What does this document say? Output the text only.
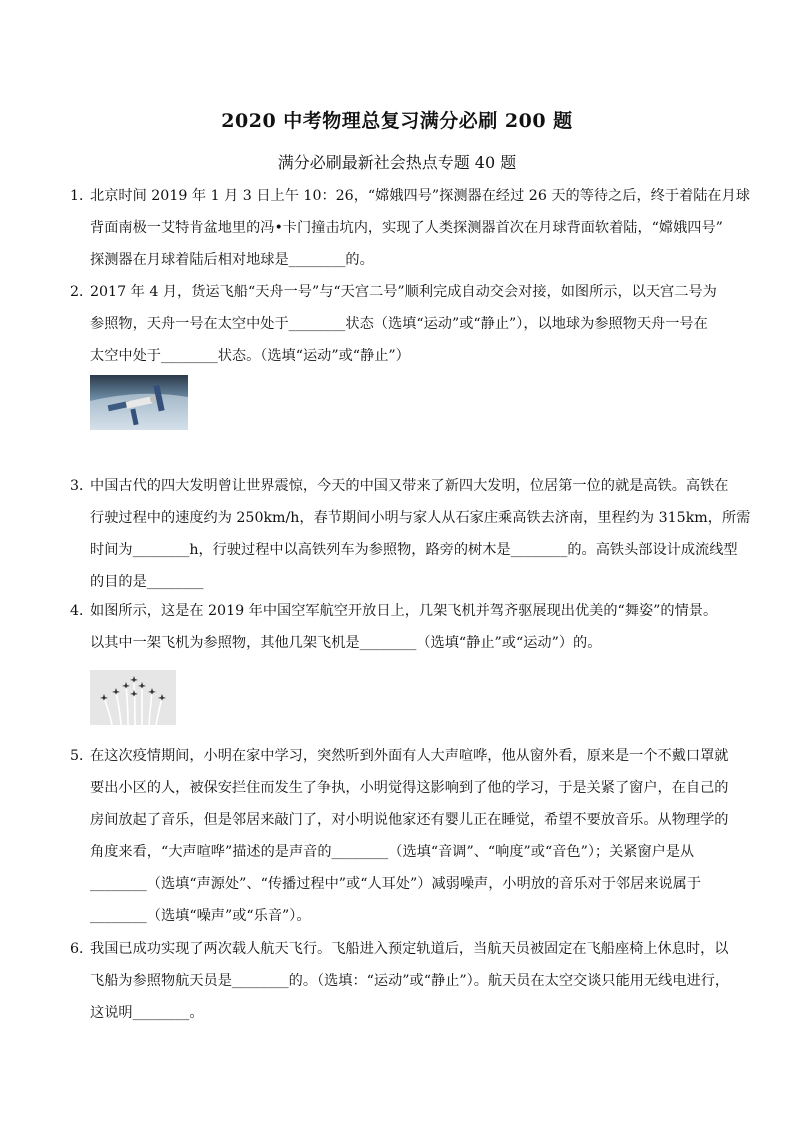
2020 中考物理总复习满分必刷 200 题
满分必刷最新社会热点专题 40 题
1．北京时间 2019 年 1 月 3 日上午 10：26，“嫦娥四号”探测器在经过 26 天的等待之后，终于着陆在月球
背面南极一艾特肯盆地里的冯•卡门撞击坑内，实现了人类探测器首次在月球背面软着陆，“嫦娥四号”
探测器在月球着陆后相对地球是________的。
2．2017 年 4 月，货运飞船“天舟一号”与“天宫二号”顺利完成自动交会对接，如图所示，以天宫二号为
参照物，天舟一号在太空中处于________状态（选填“运动”或“静止”），以地球为参照物天舟一号在
太空中处于________状态。（选填“运动”或“静止”）
3．中国古代的四大发明曾让世界震惊，今天的中国又带来了新四大发明，位居第一位的就是高铁。高铁在
行驶过程中的速度约为 250km/h，春节期间小明与家人从石家庄乘高铁去济南，里程约为 315km，所需
时间为________h，行驶过程中以高铁列车为参照物，路旁的树木是________的。高铁头部设计成流线型
的目的是________
4．如图所示，这是在 2019 年中国空军航空开放日上，几架飞机并驾齐驱展现出优美的“舞姿”的情景。
以其中一架飞机为参照物，其他几架飞机是________（选填“静止”或“运动”）的。
5．在这次疫情期间，小明在家中学习，突然听到外面有人大声喧哗，他从窗外看，原来是一个不戴口罩就
要出小区的人，被保安拦住而发生了争执，小明觉得这影响到了他的学习，于是关紧了窗户，在自己的
房间放起了音乐，但是邻居来敲门了，对小明说他家还有婴儿正在睡觉，希望不要放音乐。从物理学的
角度来看，“大声喧哗”描述的是声音的________（选填“音调”、“响度”或“音色”）；关紧窗户是从
________（选填“声源处”、“传播过程中”或“人耳处”）减弱噪声，小明放的音乐对于邻居来说属于
________（选填“噪声”或“乐音”）。
6．我国已成功实现了两次载人航天飞行。飞船进入预定轨道后，当航天员被固定在飞船座椅上休息时，以
飞船为参照物航天员是________的。（选填：“运动”或“静止”）。航天员在太空交谈只能用无线电进行，
这说明________。
